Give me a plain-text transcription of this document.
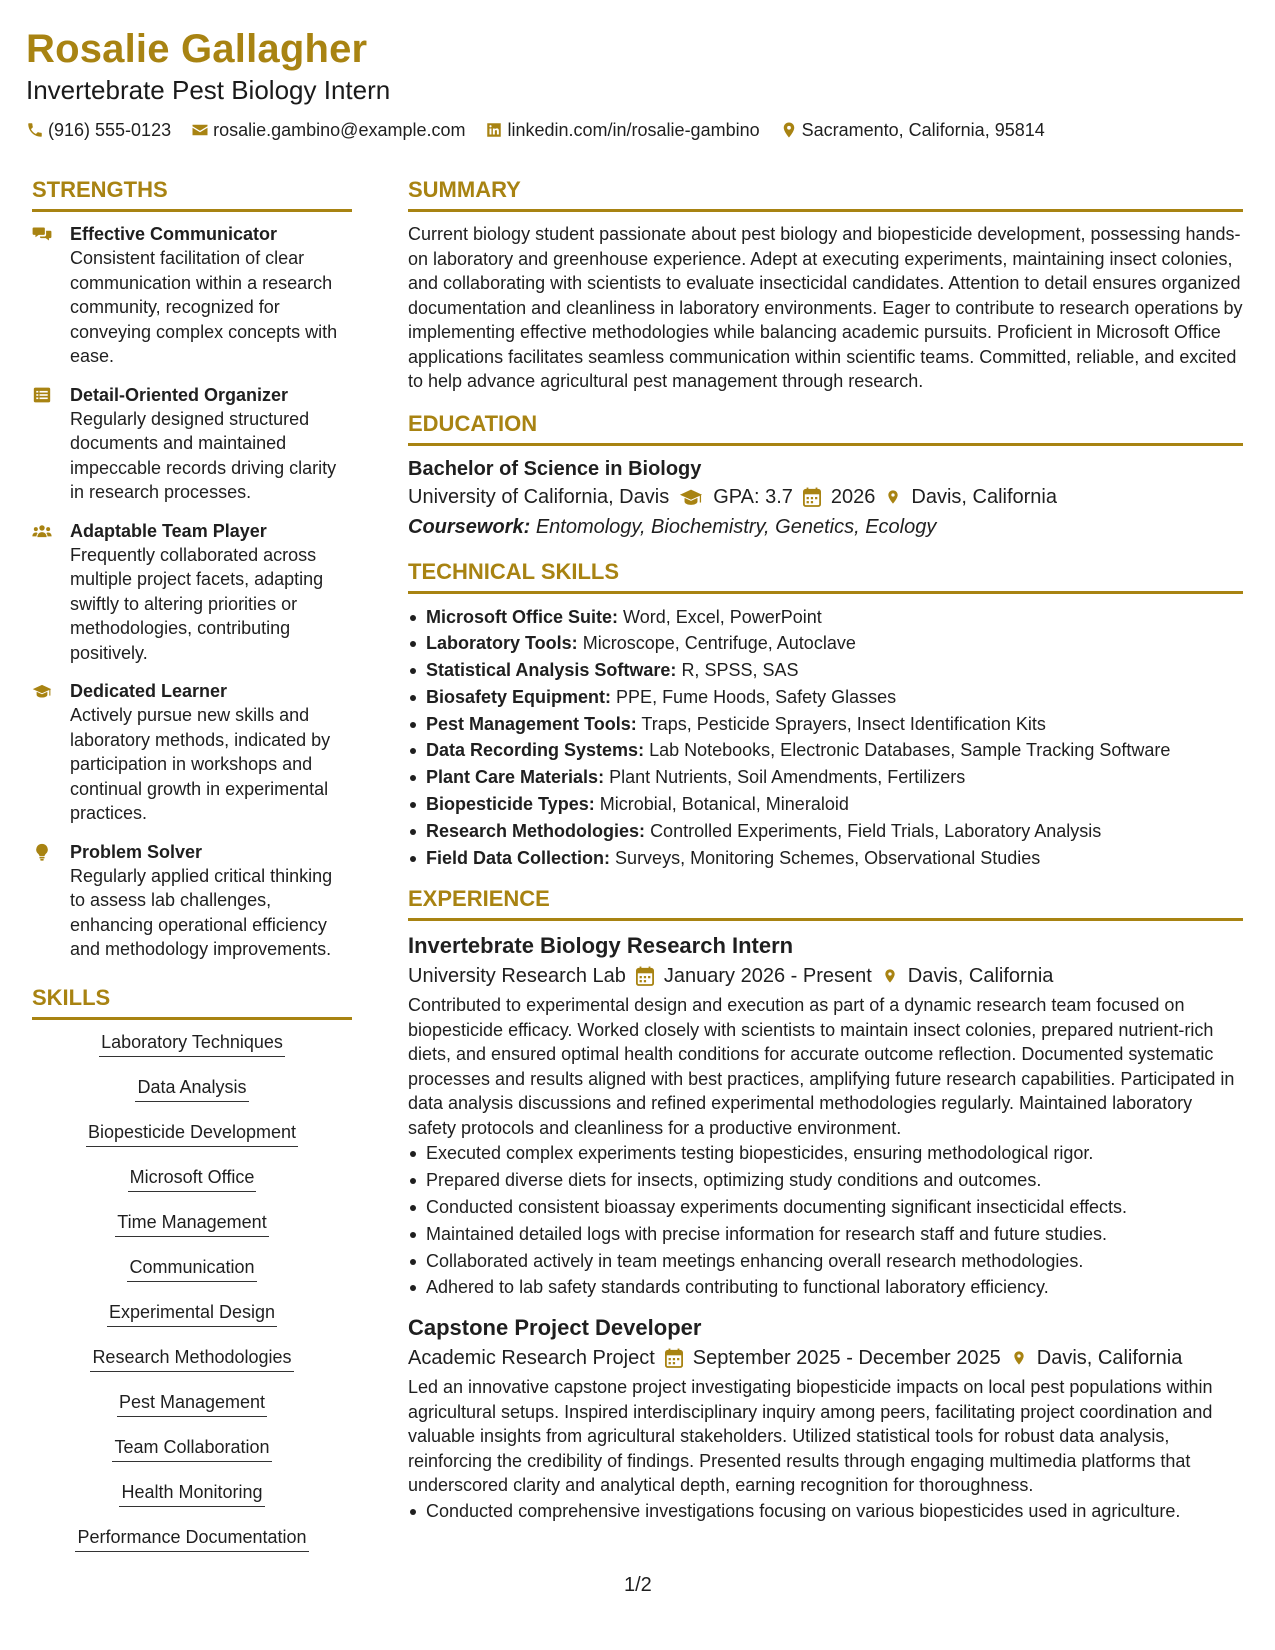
Rosalie Gallagher
Invertebrate Pest Biology Intern
(916) 555-0123 rosalie.gambino@example.com linkedin.com/in/rosalie-gambino Sacramento, California, 95814
STRENGTHS
Effective Communicator
Consistent facilitation of clear communication within a research community, recognized for conveying complex concepts with ease.
Detail-Oriented Organizer
Regularly designed structured documents and maintained impeccable records driving clarity in research processes.
Adaptable Team Player
Frequently collaborated across multiple project facets, adapting swiftly to altering priorities or methodologies, contributing positively.
Dedicated Learner
Actively pursue new skills and laboratory methods, indicated by participation in workshops and continual growth in experimental practices.
Problem Solver
Regularly applied critical thinking to assess lab challenges, enhancing operational efficiency and methodology improvements.
SKILLS
Laboratory Techniques
Data Analysis
Biopesticide Development
Microsoft Office
Time Management
Communication
Experimental Design
Research Methodologies
Pest Management
Team Collaboration
Health Monitoring
Performance Documentation
SUMMARY
Current biology student passionate about pest biology and biopesticide development, possessing hands-on laboratory and greenhouse experience. Adept at executing experiments, maintaining insect colonies, and collaborating with scientists to evaluate insecticidal candidates. Attention to detail ensures organized documentation and cleanliness in laboratory environments. Eager to contribute to research operations by implementing effective methodologies while balancing academic pursuits. Proficient in Microsoft Office applications facilitates seamless communication within scientific teams. Committed, reliable, and excited to help advance agricultural pest management through research.
EDUCATION
Bachelor of Science in Biology
University of California, Davis GPA: 3.7 2026 Davis, California
Coursework: Entomology, Biochemistry, Genetics, Ecology
TECHNICAL SKILLS
Microsoft Office Suite: Word, Excel, PowerPoint
Laboratory Tools: Microscope, Centrifuge, Autoclave
Statistical Analysis Software: R, SPSS, SAS
Biosafety Equipment: PPE, Fume Hoods, Safety Glasses
Pest Management Tools: Traps, Pesticide Sprayers, Insect Identification Kits
Data Recording Systems: Lab Notebooks, Electronic Databases, Sample Tracking Software
Plant Care Materials: Plant Nutrients, Soil Amendments, Fertilizers
Biopesticide Types: Microbial, Botanical, Mineraloid
Research Methodologies: Controlled Experiments, Field Trials, Laboratory Analysis
Field Data Collection: Surveys, Monitoring Schemes, Observational Studies
EXPERIENCE
Invertebrate Biology Research Intern
University Research Lab January 2026 - Present Davis, California
Contributed to experimental design and execution as part of a dynamic research team focused on biopesticide efficacy. Worked closely with scientists to maintain insect colonies, prepared nutrient-rich diets, and ensured optimal health conditions for accurate outcome reflection. Documented systematic processes and results aligned with best practices, amplifying future research capabilities. Participated in data analysis discussions and refined experimental methodologies regularly. Maintained laboratory safety protocols and cleanliness for a productive environment.
Executed complex experiments testing biopesticides, ensuring methodological rigor.
Prepared diverse diets for insects, optimizing study conditions and outcomes.
Conducted consistent bioassay experiments documenting significant insecticidal effects.
Maintained detailed logs with precise information for research staff and future studies.
Collaborated actively in team meetings enhancing overall research methodologies.
Adhered to lab safety standards contributing to functional laboratory efficiency.
Capstone Project Developer
Academic Research Project September 2025 - December 2025 Davis, California
Led an innovative capstone project investigating biopesticide impacts on local pest populations within agricultural setups. Inspired interdisciplinary inquiry among peers, facilitating project coordination and valuable insights from agricultural stakeholders. Utilized statistical tools for robust data analysis, reinforcing the credibility of findings. Presented results through engaging multimedia platforms that underscored clarity and analytical depth, earning recognition for thoroughness.
Conducted comprehensive investigations focusing on various biopesticides used in agriculture.
1/2
